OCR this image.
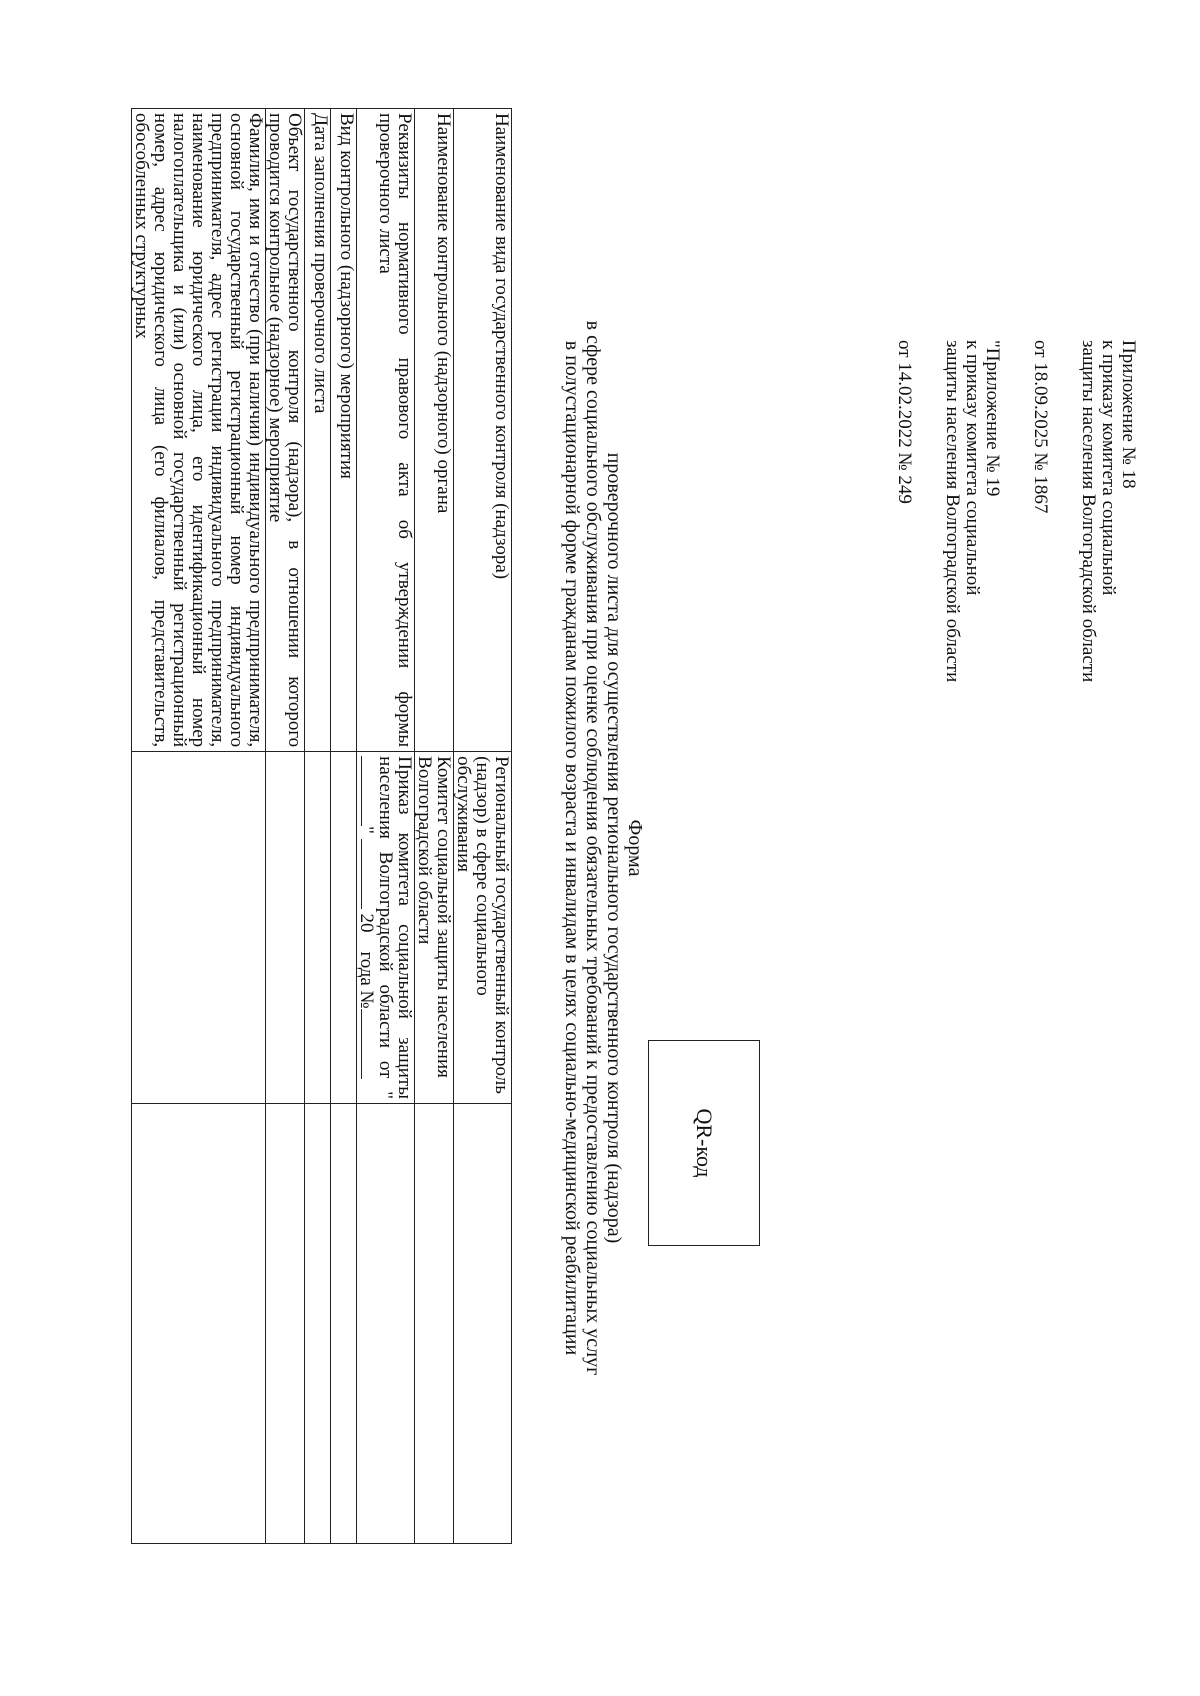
Приложение № 18
к приказу комитета социальной
защиты населения Волгоградской области
от 18.09.2025 № 1867
"Приложение № 19
к приказу комитета социальной
защиты населения Волгоградской области
от 14.02.2022 № 249
QR-код
Форма
проверочного листа для осуществления регионального государственного контроля (надзора)
в сфере социального обслуживания при оценке соблюдения обязательных требований к предоставлению социальных услуг
в полустационарной форме гражданам пожилого возраста и инвалидам в целях социально-медицинской реабилитации
Наименование вида государственного контроля (надзора)	Региональный государственный контроль (надзор) в сфере социального обслуживания	
Наименование контрольного (надзорного) органа	Комитет социальной защиты населения Волгоградской области	
Реквизиты нормативного правового акта об утверждении формы проверочного листа	Приказ комитета социальной защиты населения Волгоградской области от ""  20    года №	
Вид контрольного (надзорного) мероприятия		
Дата заполнения проверочного листа		
Объект государственного контроля (надзора), в отношении которого проводится контрольное (надзорное) мероприятие		
Фамилия, имя и отчество (при наличии) индивидуального предпринимателя, основной государственный регистрационный номер индивидуального предпринимателя, адрес регистрации индивидуального предпринимателя, наименование юридического лица, его идентификационный номер налогоплательщика и (или) основной государственный регистрационный номер, адрес юридического лица (его филиалов, представительств, обособленных структурных		
